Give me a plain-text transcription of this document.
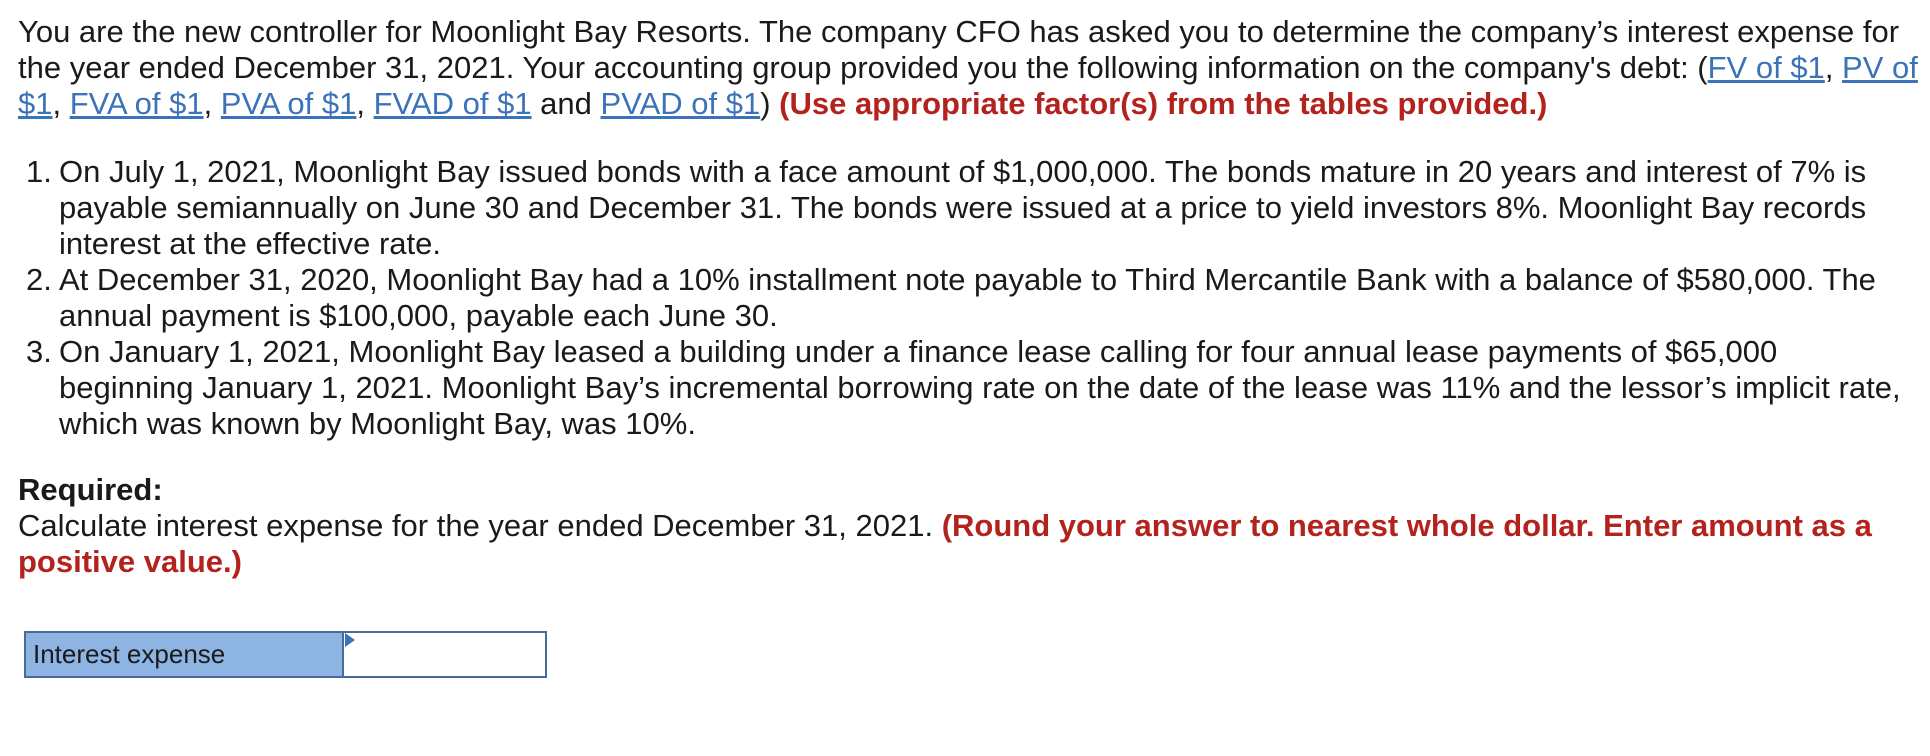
You are the new controller for Moonlight Bay Resorts. The company CFO has asked you to determine the company’s interest expense for the year ended December 31, 2021. Your accounting group provided you the following information on the company's debt: (FV of $1, PV of $1, FVA of $1, PVA of $1, FVAD of $1 and PVAD of $1) (Use appropriate factor(s) from the tables provided.)

1. On July 1, 2021, Moonlight Bay issued bonds with a face amount of $1,000,000. The bonds mature in 20 years and interest of 7% is payable semiannually on June 30 and December 31. The bonds were issued at a price to yield investors 8%. Moonlight Bay records interest at the effective rate.
2. At December 31, 2020, Moonlight Bay had a 10% installment note payable to Third Mercantile Bank with a balance of $580,000. The annual payment is $100,000, payable each June 30.
3. On January 1, 2021, Moonlight Bay leased a building under a finance lease calling for four annual lease payments of $65,000 beginning January 1, 2021. Moonlight Bay’s incremental borrowing rate on the date of the lease was 11% and the lessor’s implicit rate, which was known by Moonlight Bay, was 10%.

Required:

Calculate interest expense for the year ended December 31, 2021. (Round your answer to nearest whole dollar. Enter amount as a positive value.)

Interest expense
